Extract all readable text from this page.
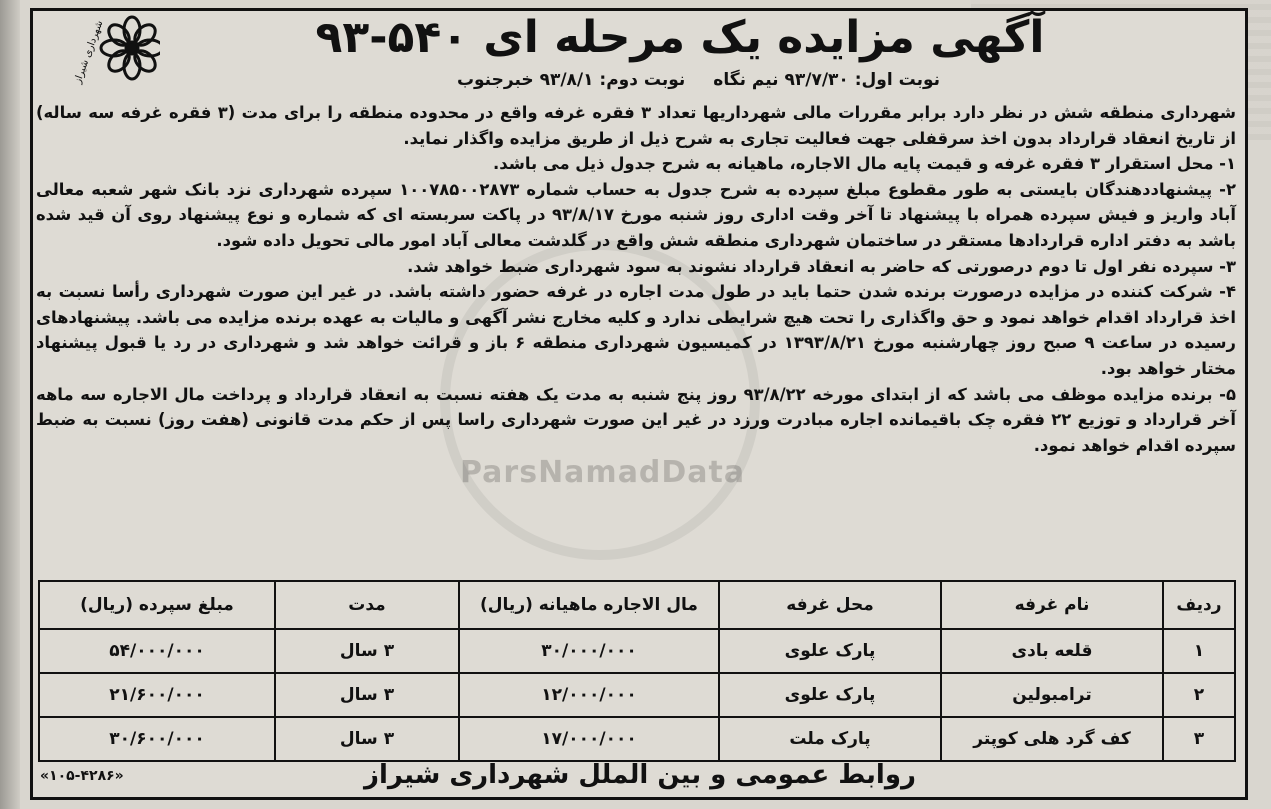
شهرداری شیراز	آگهی مزایده یک مرحله ای ۵۴۰-۹۳
نوبت اول: ۹۳/۷/۳۰ نیم نگاه
نوبت دوم: ۹۳/۸/۱ خبرجنوب
ParsNamadData

شهرداری منطقه شش در نظر دارد برابر مقررات مالی شهرداریها تعداد ۳ فقره غرفه واقع در محدوده منطقه را برای مدت (۳ فقره غرفه سه ساله) از تاریخ انعقاد قرارداد بدون اخذ سرقفلی جهت فعالیت تجاری به شرح ذیل از طریق مزایده واگذار نماید.

۱- محل استقرار ۳ فقره غرفه و قیمت پایه مال الاجاره، ماهیانه به شرح جدول ذیل می باشد.

۲- پیشنهاددهندگان بایستی به طور مقطوع مبلغ سپرده به شرح جدول به حساب شماره ۱۰۰۷۸۵۰۰۲۸۷۳ سپرده شهرداری نزد بانک شهر شعبه معالی آباد واریز و فیش سپرده همراه با پیشنهاد تا آخر وقت اداری روز شنبه مورخ ۹۳/۸/۱۷ در پاکت سربسته ای که شماره و نوع پیشنهاد روی آن قید شده باشد به دفتر اداره قراردادها مستقر در ساختمان شهرداری منطقه شش واقع در گلدشت معالی آباد امور مالی تحویل داده شود.

۳- سپرده نفر اول تا دوم درصورتی که حاضر به انعقاد قرارداد نشوند به سود شهرداری ضبط خواهد شد.

۴- شرکت کننده در مزایده درصورت برنده شدن حتما باید در طول مدت اجاره در غرفه حضور داشته باشد. در غیر این صورت شهرداری رأسا نسبت به اخذ قرارداد اقدام خواهد نمود و حق واگذاری را تحت هیچ شرایطی ندارد و کلیه مخارج نشر آگهی و مالیات به عهده برنده مزایده می باشد. پیشنهادهای رسیده در ساعت ۹ صبح روز چهارشنبه مورخ ۱۳۹۳/۸/۲۱ در کمیسیون شهرداری منطقه ۶ باز و قرائت خواهد شد و شهرداری در رد یا قبول پیشنهاد مختار خواهد بود.

۵- برنده مزایده موظف می باشد که از ابتدای مورخه ۹۳/۸/۲۲ روز پنج شنبه به مدت یک هفته نسبت به انعقاد قرارداد و پرداخت مال الاجاره سه ماهه آخر قرارداد و توزیع ۲۲ فقره چک باقیمانده اجاره مبادرت ورزد در غیر این صورت شهرداری راسا پس از حکم مدت قانونی (هفت روز) نسبت به ضبط سپرده اقدام خواهد نمود.

ردیف	نام غرفه	محل غرفه	مال الاجاره ماهیانه (ریال)	مدت	مبلغ سپرده (ریال)
۱	قلعه بادی	پارک علوی	۳۰/۰۰۰/۰۰۰	۳ سال	۵۴/۰۰۰/۰۰۰
۲	ترامبولین	پارک علوی	۱۲/۰۰۰/۰۰۰	۳ سال	۲۱/۶۰۰/۰۰۰
۳	کف گرد هلی کوپتر	پارک ملت	۱۷/۰۰۰/۰۰۰	۳ سال	۳۰/۶۰۰/۰۰۰
روابط عمومی و بین الملل شهرداری شیراز
«۱۰۵-۴۲۸۶»
